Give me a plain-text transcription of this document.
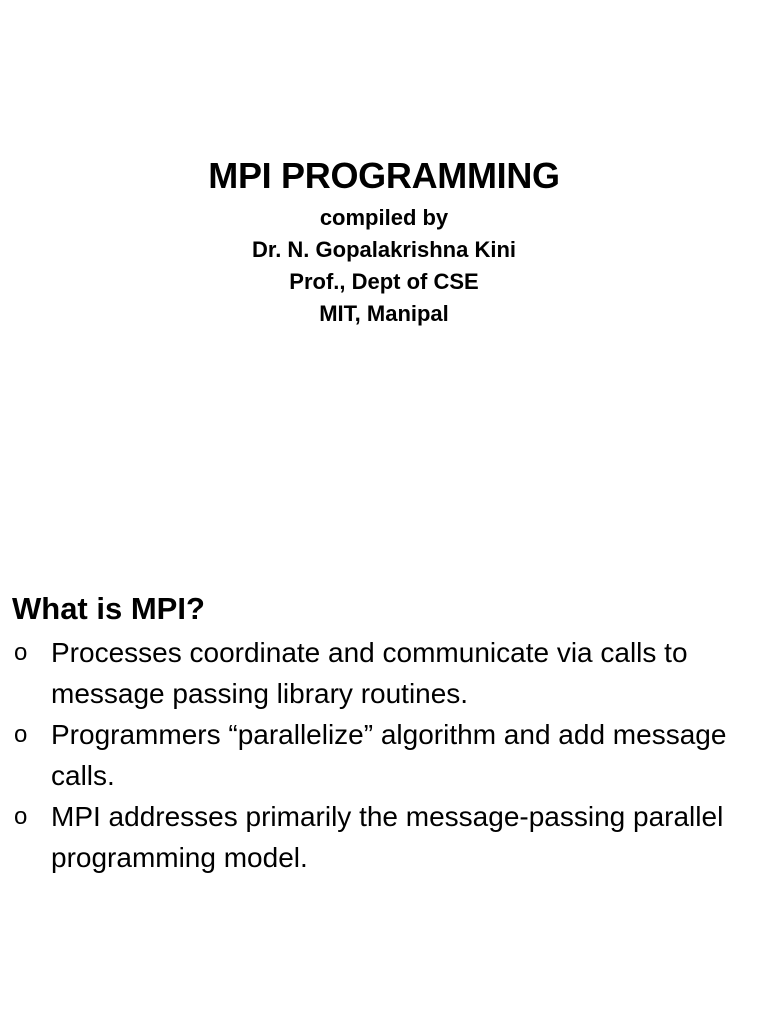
MPI PROGRAMMING

compiled by

Dr. N. Gopalakrishna Kini

Prof., Dept of CSE

MIT, Manipal

What is MPI?
o Processes coordinate and communicate via calls to message passing library routines.
o Programmers “parallelize” algorithm and add message calls.
o MPI addresses primarily the message-passing parallel programming model.
